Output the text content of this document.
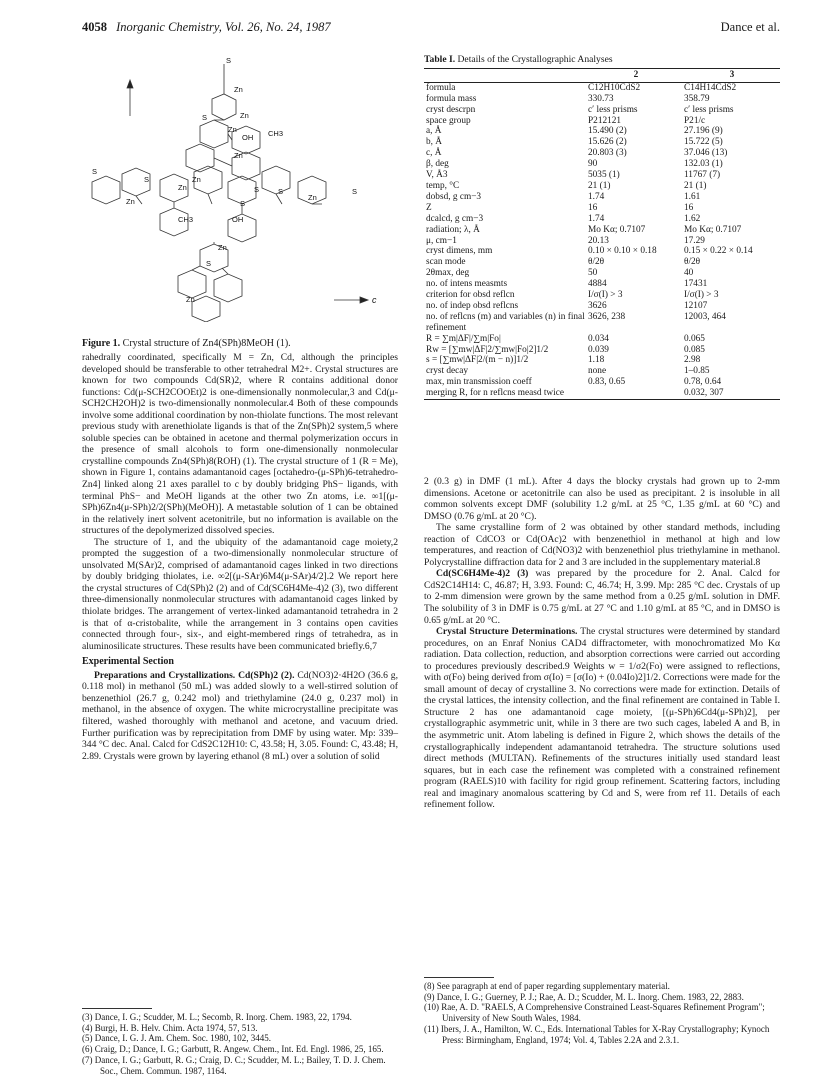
4058 Inorganic Chemistry, Vol. 26, No. 24, 1987	Dance et al.
S
Zn
Zn
S
Zn	CH3
OH
Zn
S
Zn
S	Zn
S
Zn
S
Zn
S
S
CH3	OH
Zn
S
Zn	c
Figure 1. Crystal structure of Zn4(SPh)8MeOH (1).

rahedrally coordinated, specifically M = Zn, Cd, although the principles developed should be transferable to other tetrahedral M2+. Crystal structures are known for two compounds Cd(SR)2, where R contains additional donor functions: Cd(μ-SCH2COOEt)2 is one-dimensionally nonmolecular,3 and Cd(μ-SCH2CH2OH)2 is two-dimensionally nonmolecular.4 Both of these compounds involve some additional coordination by non-thiolate functions. The most relevant previous study with arenethiolate ligands is that of the Zn(SPh)2 system,5 where soluble species can be obtained in acetone and thermal polymerization occurs in the presence of small alcohols to form one-dimensionally nonmolecular crystalline compounds Zn4(SPh)8(ROH) (1). The crystal structure of 1 (R = Me), shown in Figure 1, contains adamantanoid cages [octahedro-(μ-SPh)6-tetrahedro-Zn4] linked along 21 axes parallel to c by doubly bridging PhS− ligands, with terminal PhS− and MeOH ligands at the other two Zn atoms, i.e. ∞1[(μ-SPh)6Zn4(μ-SPh)2/2(SPh)(MeOH)]. A metastable solution of 1 can be obtained in the relatively inert solvent acetonitrile, but no information is available on the structures of the depolymerized dissolved species.

The structure of 1, and the ubiquity of the adamantanoid cage moiety,2 prompted the suggestion of a two-dimensionally nonmolecular structure of unsolvated M(SAr)2, comprised of adamantanoid cages linked in two directions by doubly bridging thiolates, i.e. ∞2[(μ-SAr)6M4(μ-SAr)4/2].2 We report here the crystal structures of Cd(SPh)2 (2) and of Cd(SC6H4Me-4)2 (3), two different three-dimensionally nonmolecular structures with adamantanoid cages linked by thiolate bridges. The arrangement of vertex-linked adamantanoid tetrahedra in 2 is that of α-cristobalite, while the arrangement in 3 contains open cavities connected through four-, six-, and eight-membered rings of tetrahedra, as in aluminosilicate structures. These results have been communicated briefly.6,7

Experimental Section

Preparations and Crystallizations. Cd(SPh)2 (2). Cd(NO3)2·4H2O (36.6 g, 0.118 mol) in methanol (50 mL) was added slowly to a well-stirred solution of benzenethiol (26.7 g, 0.242 mol) and triethylamine (24.0 g, 0.237 mol) in methanol, in the absence of oxygen. The white microcrystalline precipitate was filtered, washed thoroughly with methanol and acetone, and vacuum dried. Further purification was by reprecipitation from DMF by using water. Mp: 339–344 °C dec. Anal. Calcd for CdS2C12H10: C, 43.58; H, 3.05. Found: C, 43.48; H, 2.89. Crystals were grown by layering ethanol (8 mL) over a solution of solid

Table I. Details of the Crystallographic Analyses
	2	3
formula	C12H10CdS2	C14H14CdS2
formula mass	330.73	358.79
cryst descrpn	c′ less prisms	c′ less prisms
space group	P212121	P21/c
a, Å	15.490 (2)	27.196 (9)
b, Å	15.626 (2)	15.722 (5)
c, Å	20.803 (3)	37.046 (13)
β, deg	90	132.03 (1)
V, Å3	5035 (1)	11767 (7)
temp, °C	21 (1)	21 (1)
dobsd, g cm−3	1.74	1.61
Z	16	16
dcalcd, g cm−3	1.74	1.62
radiation; λ, Å	Mo Kα; 0.7107	Mo Kα; 0.7107
μ, cm−1	20.13	17.29
cryst dimens, mm	0.10 × 0.10 × 0.18	0.15 × 0.22 × 0.14
scan mode	θ/2θ	θ/2θ
2θmax, deg	50	40
no. of intens measmts	4884	17431
criterion for obsd reflcn	I/σ(I) > 3	I/σ(I) > 3
no. of indep obsd reflcns	3626	12107
no. of reflcns (m) and variables (n) in final refinement	3626, 238	12003, 464
R = ∑m|ΔF|/∑m|Fo|	0.034	0.065
Rw = [∑mw|ΔF|2/∑mw|Fo|2]1/2	0.039	0.085
s = [∑mw|ΔF|2/(m − n)]1/2	1.18	2.98
cryst decay	none	1–0.85
max, min transmission coeff	0.83, 0.65	0.78, 0.64
merging R, for n reflcns measd twice		0.032, 307

2 (0.3 g) in DMF (1 mL). After 4 days the blocky crystals had grown up to 2-mm dimensions. Acetone or acetonitrile can also be used as precipitant. 2 is insoluble in all common solvents except DMF (solubility 1.2 g/mL at 25 °C, 1.35 g/mL at 60 °C) and DMSO (0.76 g/mL at 20 °C).

The same crystalline form of 2 was obtained by other standard methods, including reaction of CdCO3 or Cd(OAc)2 with benzenethiol in methanol at high and low temperatures, and reaction of Cd(NO3)2 with benzenethiol plus triethylamine in methanol. Polycrystalline diffraction data for 2 and 3 are included in the supplementary material.8

Cd(SC6H4Me-4)2 (3) was prepared by the procedure for 2. Anal. Calcd for CdS2C14H14: C, 46.87; H, 3.93. Found: C, 46.74; H, 3.99. Mp: 285 °C dec. Crystals of up to 2-mm dimension were grown by the same method from a 0.25 g/mL solution in DMF. The solubility of 3 in DMF is 0.75 g/mL at 27 °C and 1.10 g/mL at 85 °C, and in DMSO is 0.65 g/mL at 20 °C.

Crystal Structure Determinations. The crystal structures were determined by standard procedures, on an Enraf Nonius CAD4 diffractometer, with monochromatized Mo Kα radiation. Data collection, reduction, and absorption corrections were carried out according to procedures previously described.9 Weights w = 1/σ2(Fo) were assigned to reflections, with σ(Fo) being derived from σ(Io) = [σ(Io) + (0.04Io)2]1/2. Corrections were made for the small amount of decay of crystalline 3. No corrections were made for extinction. Details of the crystal lattices, the intensity collection, and the final refinement are contained in Table I. Structure 2 has one adamantanoid cage moiety, [(μ-SPh)6Cd4(μ-SPh)2], per crystallographic asymmetric unit, while in 3 there are two such cages, labeled A and B, in the asymmetric unit. Atom labeling is defined in Figure 2, which shows the details of the crystallographically independent adamantanoid tetrahedra. The structure solutions used direct methods (MULTAN). Refinements of the structures initially used standard least squares, but in each case the refinement was completed with a constrained refinement program (RAELS)10 with facility for rigid group refinement. Scattering factors, including real and imaginary anomalous scattering by Cd and S, were from ref 11. Details of each refinement follow.

(3) Dance, I. G.; Scudder, M. L.; Secomb, R. Inorg. Chem. 1983, 22, 1794.
(4) Burgi, H. B. Helv. Chim. Acta 1974, 57, 513.
(5) Dance, I. G. J. Am. Chem. Soc. 1980, 102, 3445.
(6) Craig, D.; Dance, I. G.; Garbutt, R. Angew. Chem., Int. Ed. Engl. 1986, 25, 165.
(7) Dance, I. G.; Garbutt, R. G.; Craig, D. C.; Scudder, M. L.; Bailey, T. D. J. Chem. Soc., Chem. Commun. 1987, 1164.
(8) See paragraph at end of paper regarding supplementary material.
(9) Dance, I. G.; Guerney, P. J.; Rae, A. D.; Scudder, M. L. Inorg. Chem. 1983, 22, 2883.
(10) Rae, A. D. "RAELS, A Comprehensive Constrained Least-Squares Refinement Program"; University of New South Wales, 1984.
(11) Ibers, J. A., Hamilton, W. C., Eds. International Tables for X-Ray Crystallography; Kynoch Press: Birmingham, England, 1974; Vol. 4, Tables 2.2A and 2.3.1.
